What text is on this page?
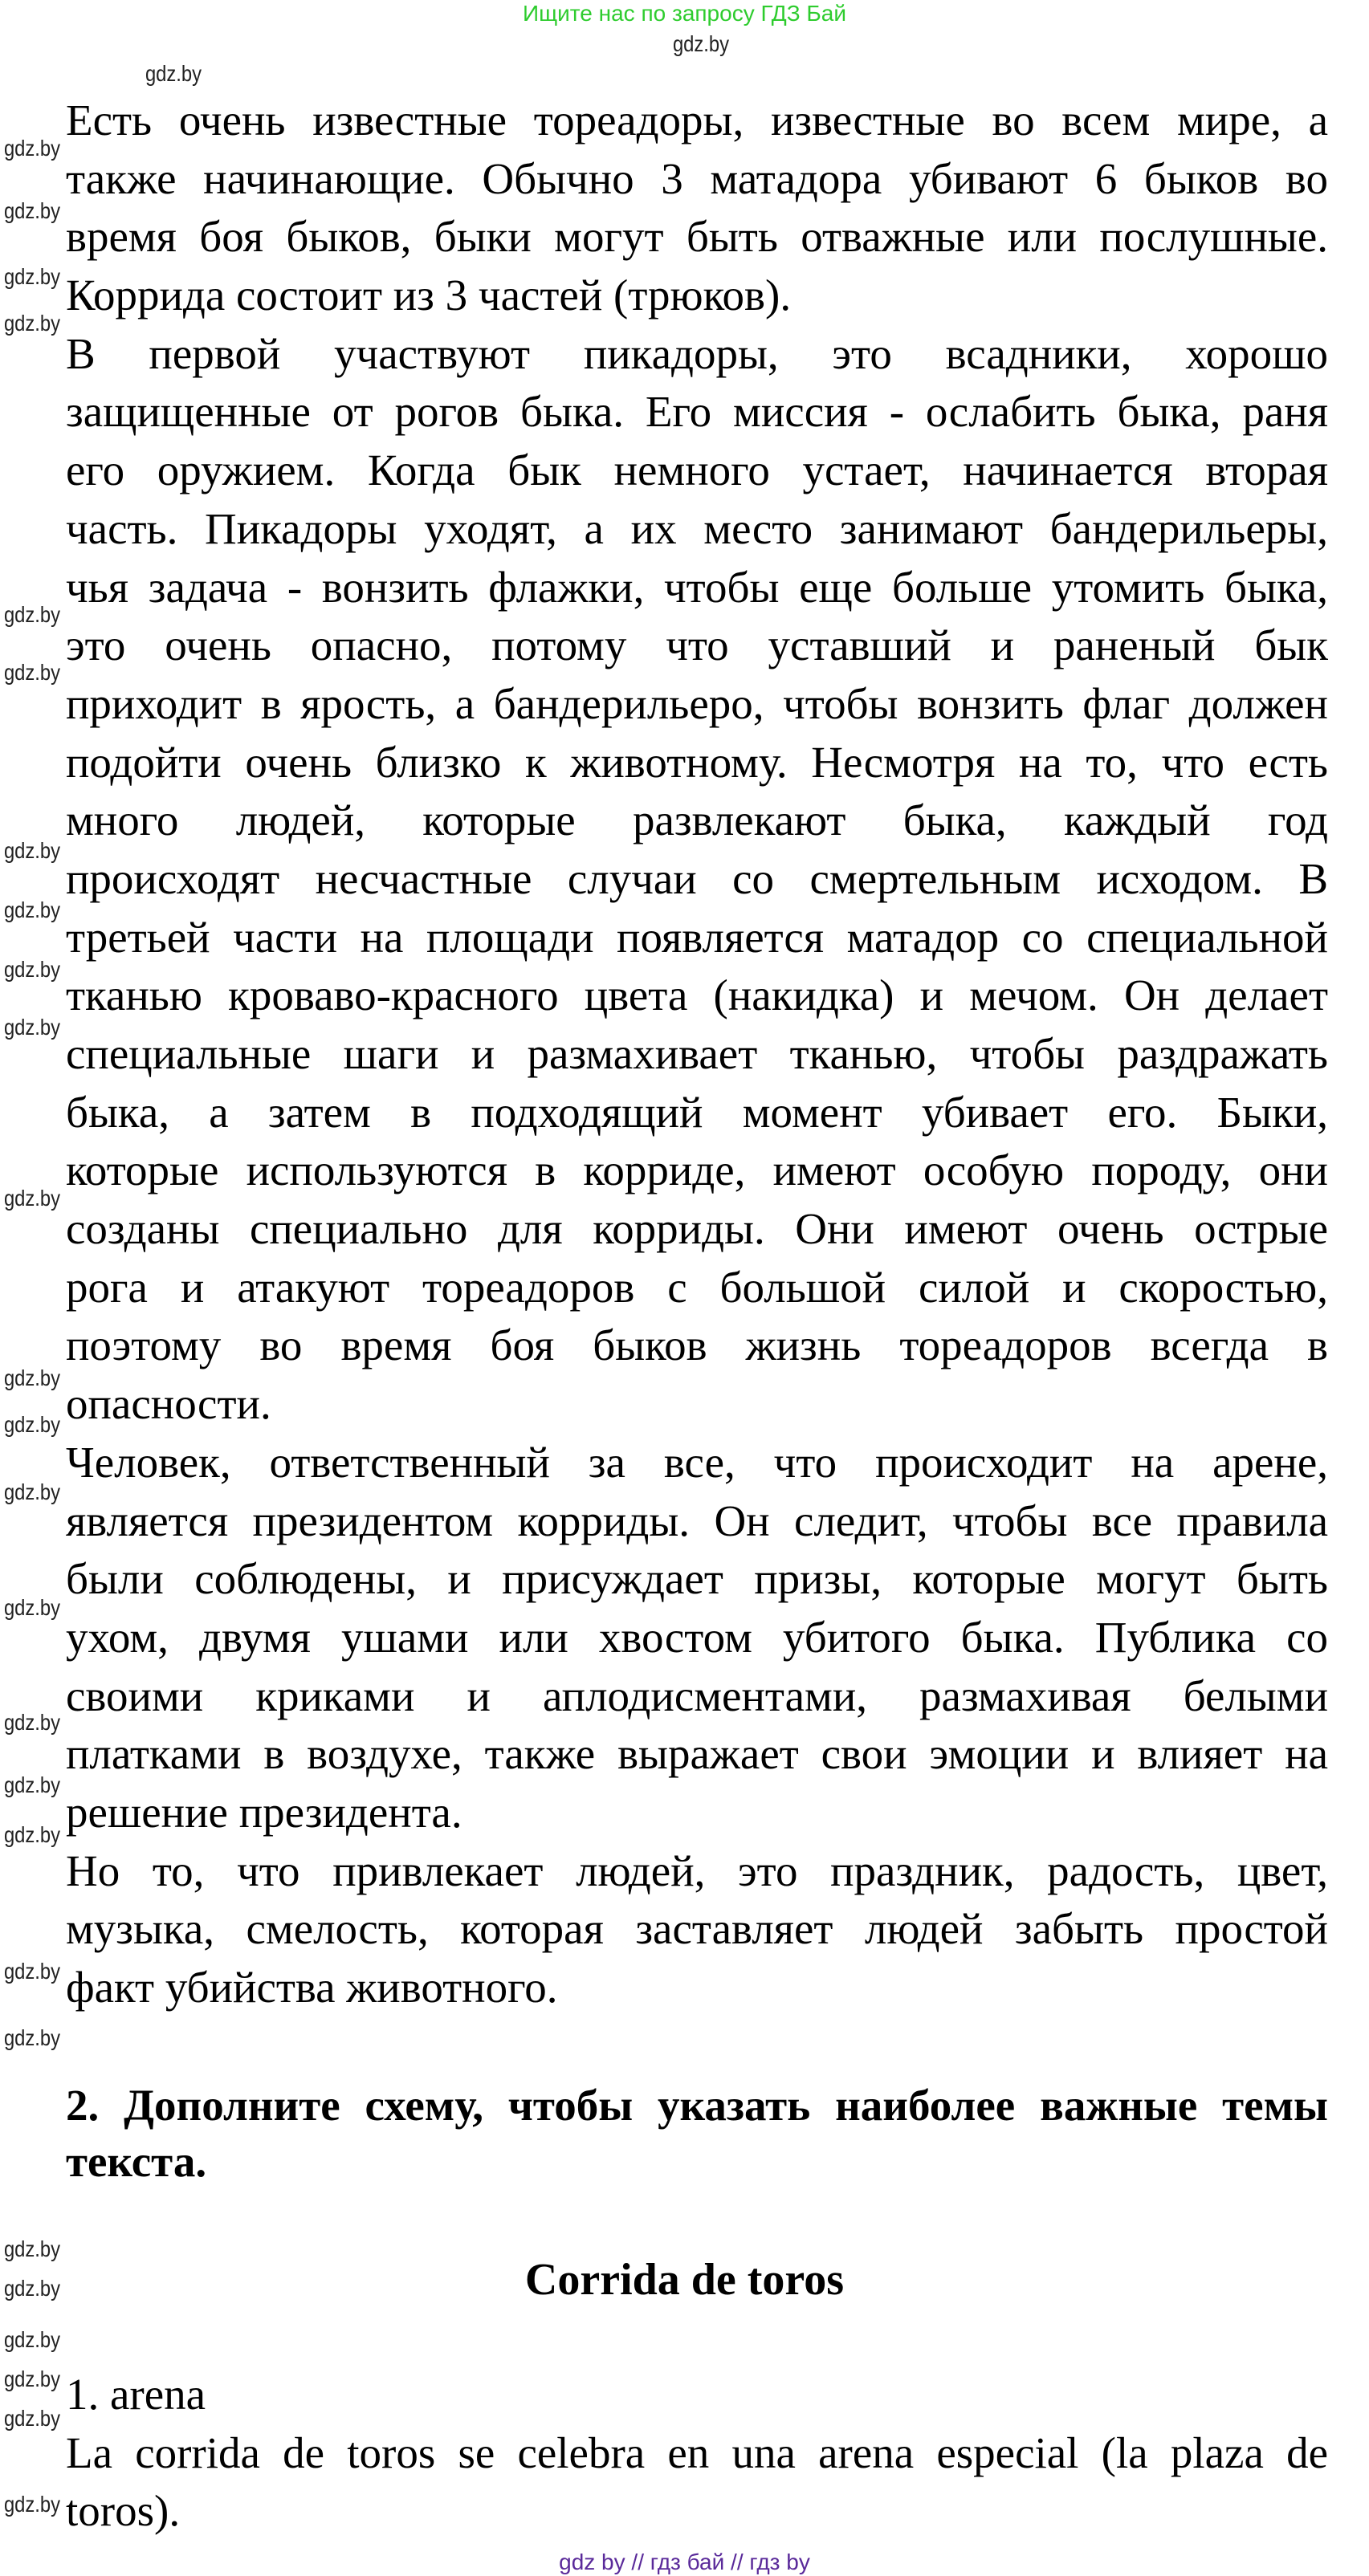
Ищите нас по запросу ГДЗ Бай
Есть очень известные тореадоры, известные во всем мире, а
также начинающие. Обычно 3 матадора убивают 6 быков во
время боя быков, быки могут быть отважные или послушные.
Коррида состоит из 3 частей (трюков).
В первой участвуют пикадоры, это всадники, хорошо
защищенные от рогов быка. Его миссия - ослабить быка, раня
его оружием. Когда бык немного устает, начинается вторая
часть. Пикадоры уходят, а их место занимают бандерильеры,
чья задача - вонзить флажки, чтобы еще больше утомить быка,
это очень опасно, потому что уставший и раненый бык
приходит в ярость, а бандерильеро, чтобы вонзить флаг должен
подойти очень близко к животному. Несмотря на то, что есть
много людей, которые развлекают быка, каждый год
происходят несчастные случаи со смертельным исходом. В
третьей части на площади появляется матадор со специальной
тканью кроваво-красного цвета (накидка) и мечом. Он делает
специальные шаги и размахивает тканью, чтобы раздражать
быка, а затем в подходящий момент убивает его. Быки,
которые используются в корриде, имеют особую породу, они
созданы специально для корриды. Они имеют очень острые
рога и атакуют тореадоров с большой силой и скоростью,
поэтому во время боя быков жизнь тореадоров всегда в
опасности.
Человек, ответственный за все, что происходит на арене,
является президентом корриды. Он следит, чтобы все правила
были соблюдены, и присуждает призы, которые могут быть
ухом, двумя ушами или хвостом убитого быка. Публика со
своими криками и аплодисментами, размахивая белыми
платками в воздухе, также выражает свои эмоции и влияет на
решение президента.
Но то, что привлекает людей, это праздник, радость, цвет,
музыка, смелость, которая заставляет людей забыть простой
факт убийства животного.
2. Дополните схему, чтобы указать наиболее важные темы
текста.
Corrida de toros
1. arena
La corrida de toros se celebra en una arena especial (la plaza de
toros).
gdz by // гдз бай // гдз by
gdz.by
gdz.by
gdz.by
gdz.by
gdz.by
gdz.by
gdz.by
gdz.by
gdz.by
gdz.by
gdz.by
gdz.by
gdz.by
gdz.by
gdz.by
gdz.by
gdz.by
gdz.by
gdz.by
gdz.by
gdz.by
gdz.by
gdz.by
gdz.by
gdz.by
gdz.by
gdz.by
gdz.by
